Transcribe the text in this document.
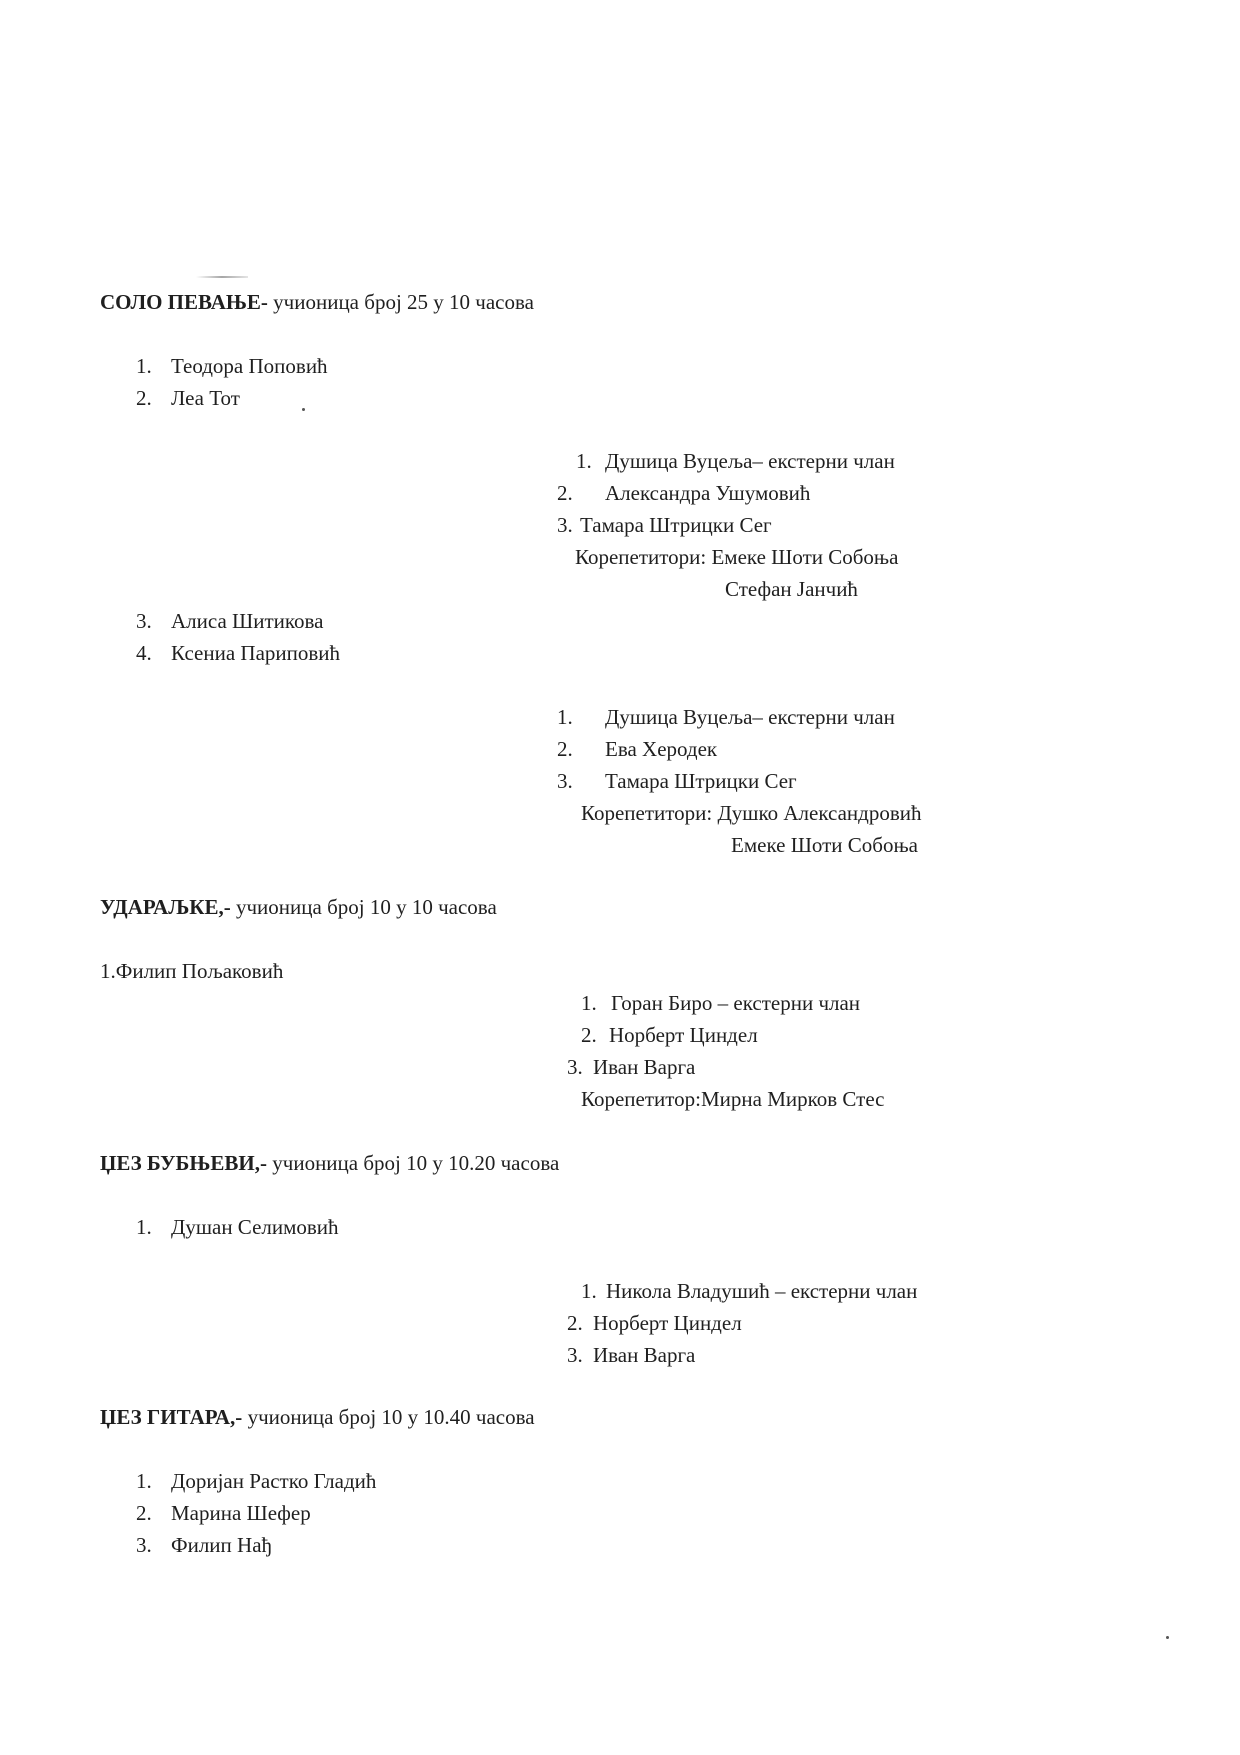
СОЛО ПЕВАЊЕ- учионица број 25 у 10 часова
1. Теодора Поповић
2. Леа Тот
1. Душица Вуцеља– екстерни члан
2. Александра Ушумовић
3. Тамара Штрицки Сег
Корепетитори: Емеке Шоти Собоња
Стефан Јанчић
3. Алиса Шитикова
4. Ксениа Париповић
1. Душица Вуцеља– екстерни члан
2. Ева Херодек
3. Тамара Штрицки Сег
Корепетитори: Душко Александровић
Емеке Шоти Собоња
УДАРАЉКЕ,- учионица број 10 у 10 часова
1.Филип Пољаковић
1. Горан Биро – екстерни члан
2. Норберт Циндел
3. Иван Варга
Корепетитор:Мирна Мирков Стес
ЏЕЗ БУБЊЕВИ,- учионица број 10 у 10.20 часова
1. Душан Селимовић
1. Никола Владушић – екстерни члан
2. Норберт Циндел
3. Иван Варга
ЏЕЗ ГИТАРА,- учионица број 10 у 10.40 часова
1. Доријан Растко Гладић
2. Марина Шефер
3. Филип Нађ
